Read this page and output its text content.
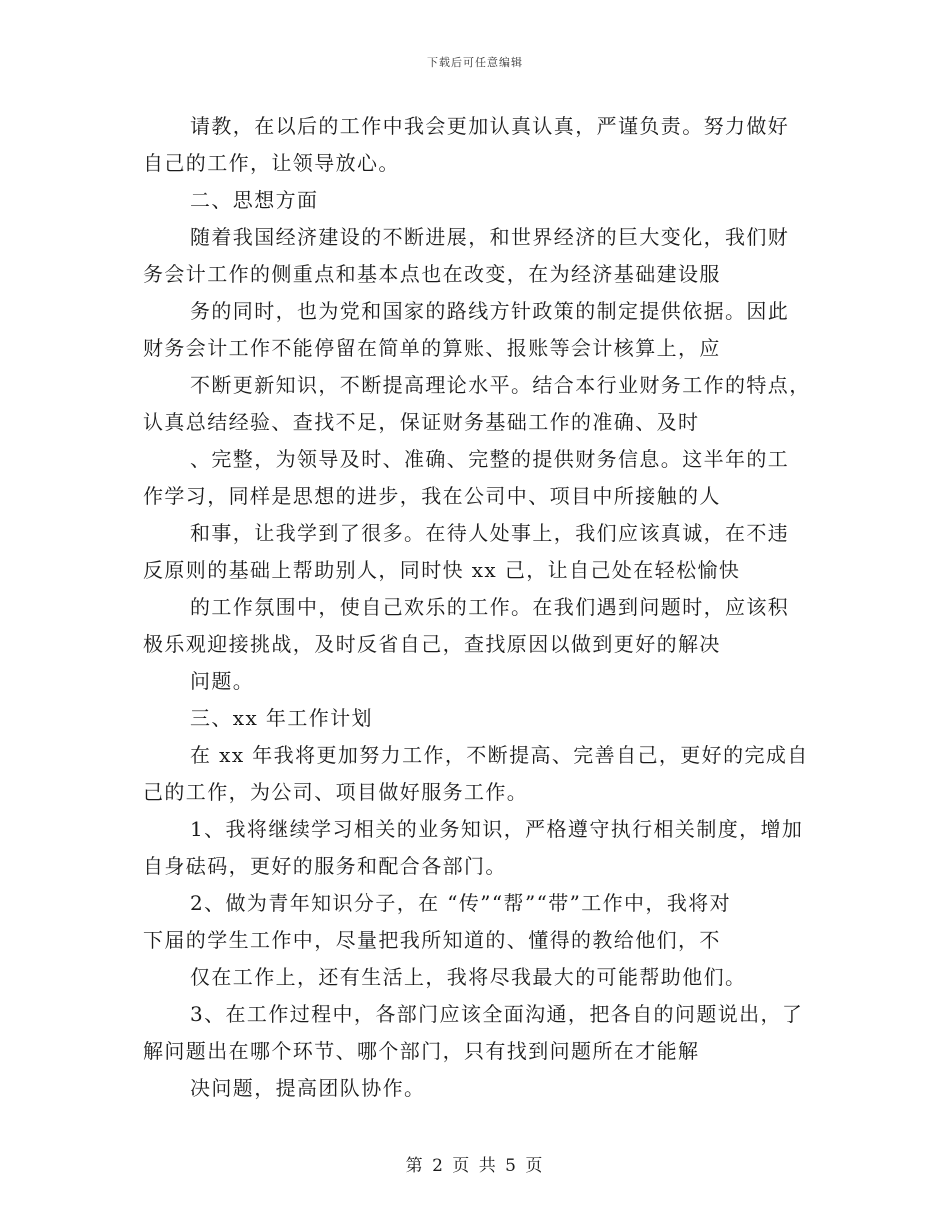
下载后可任意编辑
请教，在以后的工作中我会更加认真认真，严谨负责。努力做好
自己的工作，让领导放心。
二、思想方面
随着我国经济建设的不断进展，和世界经济的巨大变化，我们财
务会计工作的侧重点和基本点也在改变，在为经济基础建设服
务的同时，也为党和国家的路线方针政策的制定提供依据。因此
财务会计工作不能停留在简单的算账、报账等会计核算上，应
不断更新知识，不断提高理论水平。结合本行业财务工作的特点，
认真总结经验、查找不足，保证财务基础工作的准确、及时
、完整，为领导及时、准确、完整的提供财务信息。这半年的工
作学习，同样是思想的进步，我在公司中、项目中所接触的人
和事，让我学到了很多。在待人处事上，我们应该真诚，在不违
反原则的基础上帮助别人，同时快 xx 己，让自己处在轻松愉快
的工作氛围中，使自己欢乐的工作。在我们遇到问题时，应该积
极乐观迎接挑战，及时反省自己，查找原因以做到更好的解决
问题。
三、xx 年工作计划
在 xx 年我将更加努力工作，不断提高、完善自己，更好的完成自
己的工作，为公司、项目做好服务工作。
1、我将继续学习相关的业务知识，严格遵守执行相关制度，增加
自身砝码，更好的服务和配合各部门。
2、做为青年知识分子，在 “传”“帮”“带”工作中，我将对
下届的学生工作中，尽量把我所知道的、懂得的教给他们，不
仅在工作上，还有生活上，我将尽我最大的可能帮助他们。
3、在工作过程中，各部门应该全面沟通，把各自的问题说出，了
解问题出在哪个环节、哪个部门，只有找到问题所在才能解
决问题，提高团队协作。
第 2 页 共 5 页
